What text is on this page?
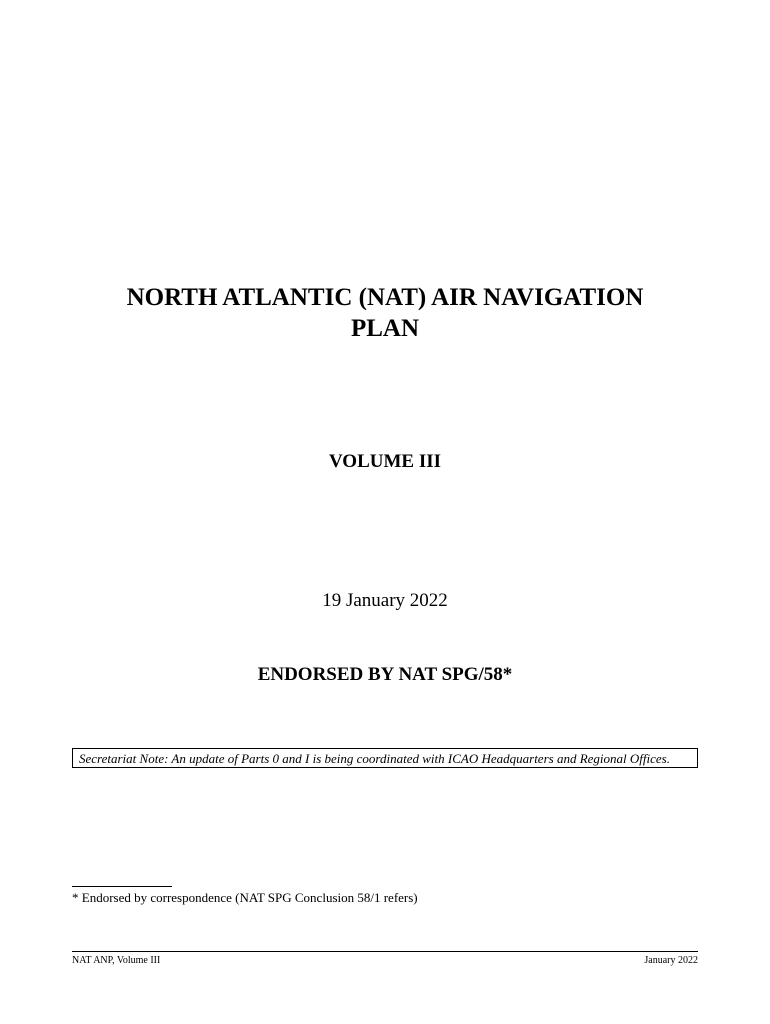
NORTH ATLANTIC (NAT) AIR NAVIGATION
PLAN
VOLUME III
19 January 2022
ENDORSED BY NAT SPG/58*
Secretariat Note: An update of Parts 0 and I is being coordinated with ICAO Headquarters and Regional Offices.
* Endorsed by correspondence (NAT SPG Conclusion 58/1 refers)
NAT ANP, Volume III	January 2022
